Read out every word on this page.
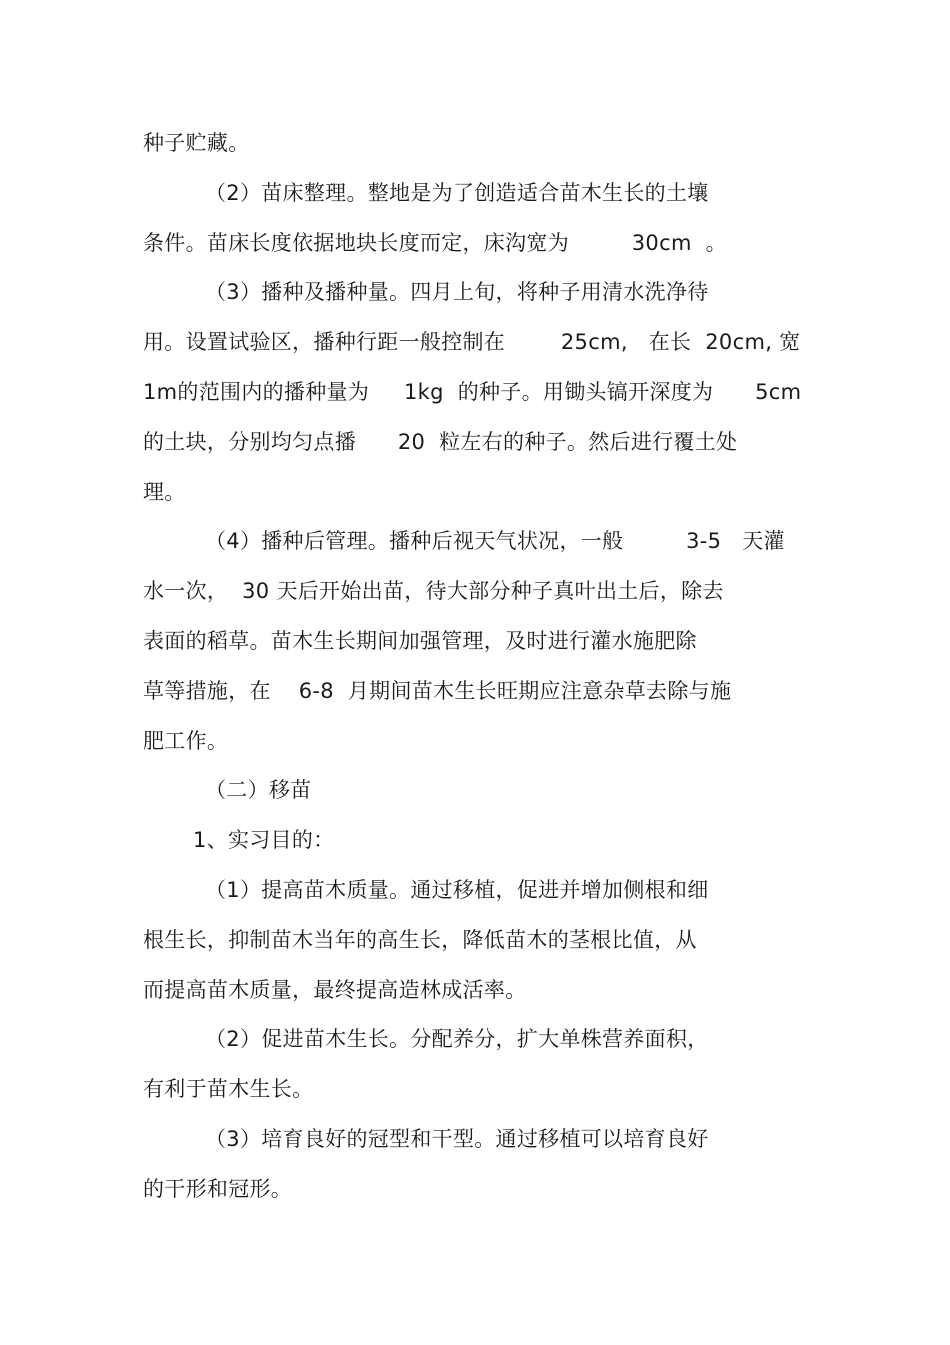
种子贮藏。
（2）苗床整理。整地是为了创造适合苗木生长的土壤
条件。苗床长度依据地块长度而定，床沟宽为         30cm  。
（3）播种及播种量。四月上旬，将种子用清水洗净待
用。设置试验区，播种行距一般控制在        25cm,   在长  20cm, 宽
1m的范围内的播种量为     1kg  的种子。用锄头镐开深度为      5cm
的土块，分别均匀点播      20  粒左右的种子。然后进行覆土处
理。
（4）播种后管理。播种后视天气状况，一般         3-5   天灌
水一次，  30 天后开始出苗，待大部分种子真叶出土后，除去
表面的稻草。苗木生长期间加强管理，及时进行灌水施肥除
草等措施，在    6-8  月期间苗木生长旺期应注意杂草去除与施
肥工作。
（二）移苗
1、实习目的：
（1）提高苗木质量。通过移植，促进并增加侧根和细
根生长，抑制苗木当年的高生长，降低苗木的茎根比值，从
而提高苗木质量，最终提高造林成活率。
（2）促进苗木生长。分配养分，扩大单株营养面积，
有利于苗木生长。
（3）培育良好的冠型和干型。通过移植可以培育良好
的干形和冠形。
